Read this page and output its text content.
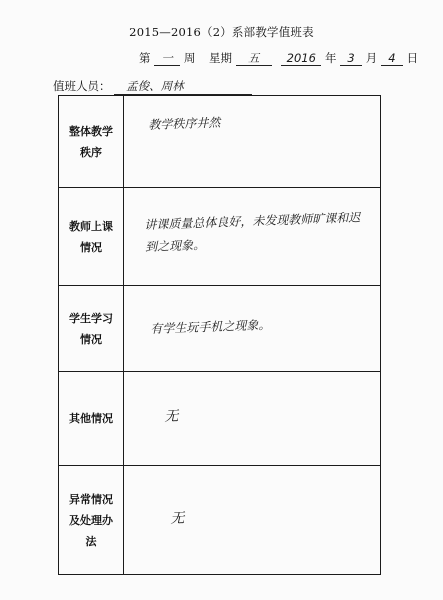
2015—2016（2）系部教学值班表
第 一 周 星期 五 2016 年 3 月 4 日
值班人员： 孟俊、周林
整体教学秩序	教学秩序井然

教师上课情况	讲课质量总体良好，未发现教师旷课和迟到之现象。

学生学习情况	有学生玩手机之现象。

其他情况	无

异常情况及处理办法	无
